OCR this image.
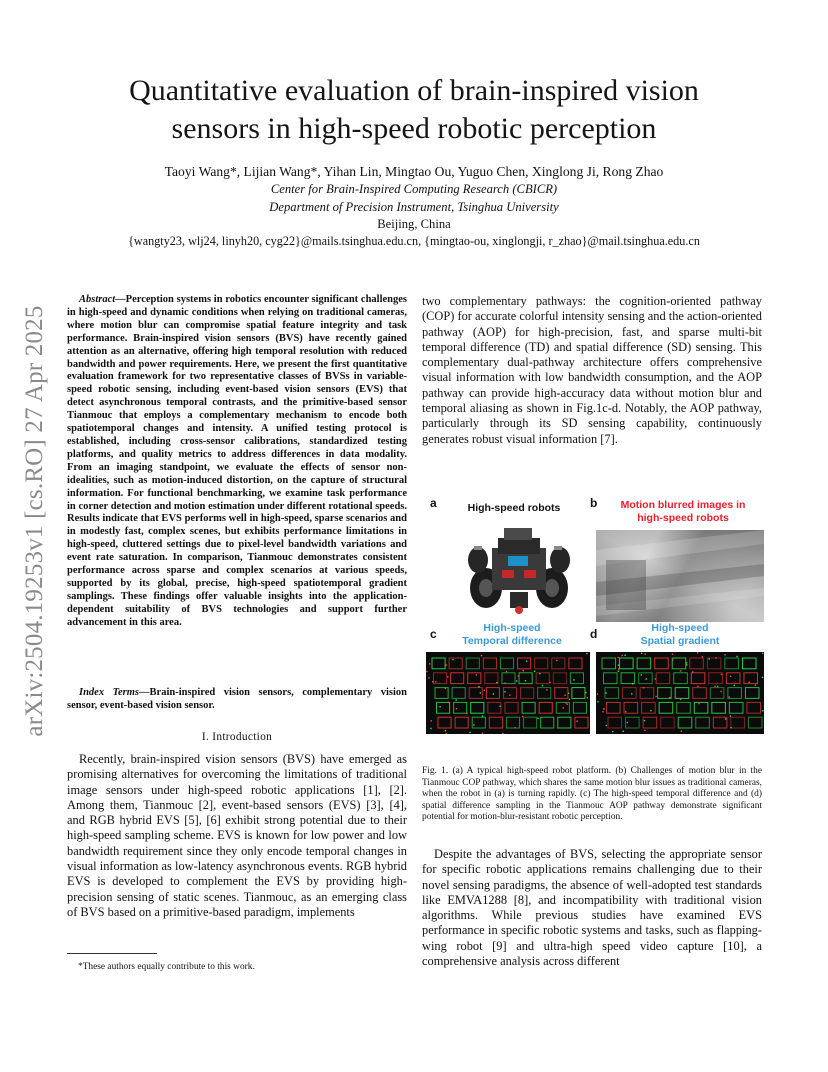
Quantitative evaluation of brain-inspired vision
sensors in high-speed robotic perception
Taoyi Wang*, Lijian Wang*, Yihan Lin, Mingtao Ou, Yuguo Chen, Xinglong Ji, Rong Zhao
Center for Brain-Inspired Computing Research (CBICR)
Department of Precision Instrument, Tsinghua University
Beijing, China
{wangty23, wlj24, linyh20, cyg22}@mails.tsinghua.edu.cn, {mingtao-ou, xinglongji, r_zhao}@mail.tsinghua.edu.cn
arXiv:2504.19253v1 [cs.RO] 27 Apr 2025
Abstract—Perception systems in robotics encounter significant challenges in high-speed and dynamic conditions when relying on traditional cameras, where motion blur can compromise spatial feature integrity and task performance. Brain-inspired vision sensors (BVS) have recently gained attention as an alternative, offering high temporal resolution with reduced bandwidth and power requirements. Here, we present the first quantitative evaluation framework for two representative classes of BVSs in variable-speed robotic sensing, including event-based vision sensors (EVS) that detect asynchronous temporal contrasts, and the primitive-based sensor Tianmouc that employs a complementary mechanism to encode both spatiotemporal changes and intensity. A unified testing protocol is established, including cross-sensor calibrations, standardized testing platforms, and quality metrics to address differences in data modality. From an imaging standpoint, we evaluate the effects of sensor non-idealities, such as motion-induced distortion, on the capture of structural information. For functional benchmarking, we examine task performance in corner detection and motion estimation under different rotational speeds. Results indicate that EVS performs well in high-speed, sparse scenarios and in modestly fast, complex scenes, but exhibits performance limitations in high-speed, cluttered settings due to pixel-level bandwidth variations and event rate saturation. In comparison, Tianmouc demonstrates consistent performance across sparse and complex scenarios at various speeds, supported by its global, precise, high-speed spatiotemporal gradient samplings. These findings offer valuable insights into the application-dependent suitability of BVS technologies and support further advancement in this area.
Index Terms—Brain-inspired vision sensors, complementary vision sensor, event-based vision sensor.
I. Introduction
Recently, brain-inspired vision sensors (BVS) have emerged as promising alternatives for overcoming the limitations of traditional image sensors under high-speed robotic applications [1], [2]. Among them, Tianmouc [2], event-based sensors (EVS) [3], [4], and RGB hybrid EVS [5], [6] exhibit strong potential due to their high-speed sampling scheme. EVS is known for low power and low bandwidth requirement since they only encode temporal changes in visual information as low-latency asynchronous events. RGB hybrid EVS is developed to complement the EVS by providing high-precision sensing of static scenes. Tianmouc, as an emerging class of BVS based on a primitive-based paradigm, implements
*These authors equally contribute to this work.
two complementary pathways: the cognition-oriented pathway (COP) for accurate colorful intensity sensing and the action-oriented pathway (AOP) for high-precision, fast, and sparse multi-bit temporal difference (TD) and spatial difference (SD) sensing. This complementary dual-pathway architecture offers comprehensive visual information with low bandwidth consumption, and the AOP pathway can provide high-accuracy data without motion blur and temporal aliasing as shown in Fig.1c-d. Notably, the AOP pathway, particularly through its SD sensing capability, continuously generates robust visual information [7].
a	High-speed robots	b	Motion blurred images in
high-speed robots
c	High-speed
Temporal difference	d	High-speed
Spatial gradient
Fig. 1. (a) A typical high-speed robot platform. (b) Challenges of motion blur in the Tianmouc COP pathway, which shares the same motion blur issues as traditional cameras, when the robot in (a) is turning rapidly. (c) The high-speed temporal difference and (d) spatial difference sampling in the Tianmouc AOP pathway demonstrate significant potential for motion-blur-resistant robotic perception.
Despite the advantages of BVS, selecting the appropriate sensor for specific robotic applications remains challenging due to their novel sensing paradigms, the absence of well-adopted test standards like EMVA1288 [8], and incompatibility with traditional vision algorithms. While previous studies have examined EVS performance in specific robotic systems and tasks, such as flapping-wing robot [9] and ultra-high speed video capture [10], a comprehensive analysis across different
